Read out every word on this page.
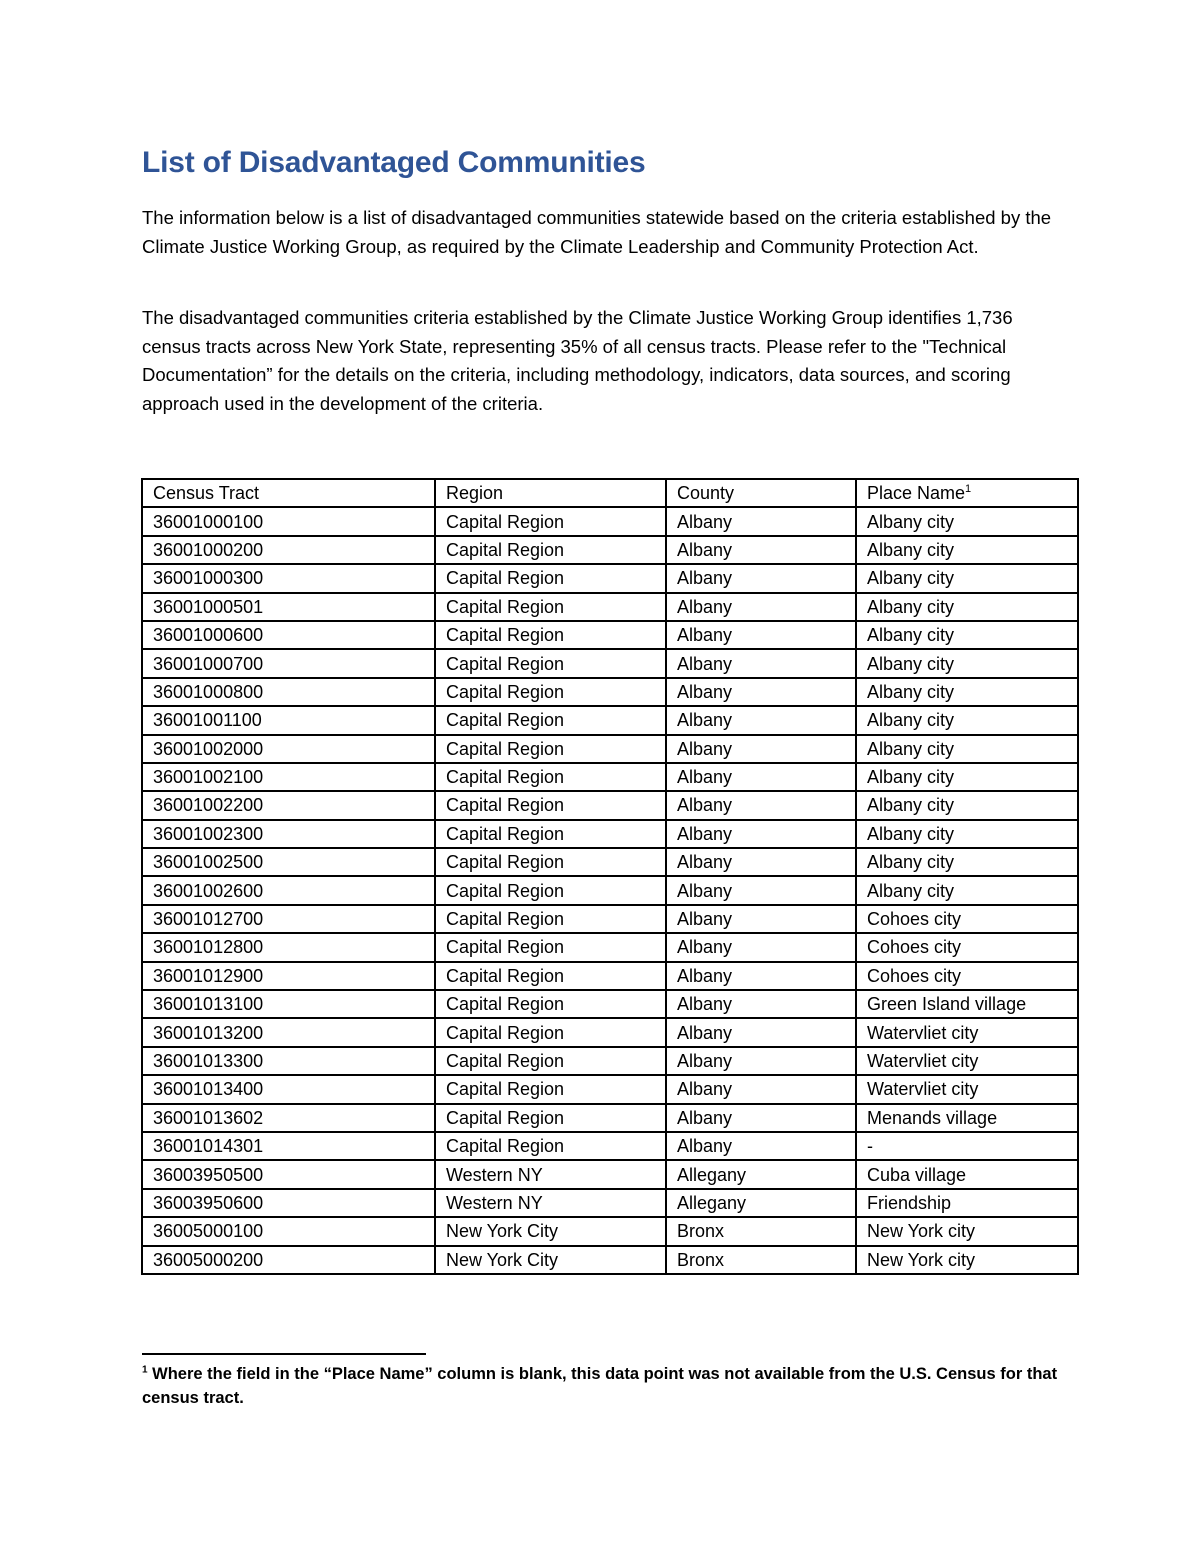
List of Disadvantaged Communities

The information below is a list of disadvantaged communities statewide based on the criteria established by the Climate Justice Working Group, as required by the Climate Leadership and Community Protection Act.

The disadvantaged communities criteria established by the Climate Justice Working Group identifies 1,736 census tracts across New York State, representing 35% of all census tracts. Please refer to the "Technical Documentation” for the details on the criteria, including methodology, indicators, data sources, and scoring approach used in the development of the criteria.

Census Tract	Region	County	Place Name$^1$
36001000100	Capital Region	Albany	Albany city
36001000200	Capital Region	Albany	Albany city
36001000300	Capital Region	Albany	Albany city
36001000501	Capital Region	Albany	Albany city
36001000600	Capital Region	Albany	Albany city
36001000700	Capital Region	Albany	Albany city
36001000800	Capital Region	Albany	Albany city
36001001100	Capital Region	Albany	Albany city
36001002000	Capital Region	Albany	Albany city
36001002100	Capital Region	Albany	Albany city
36001002200	Capital Region	Albany	Albany city
36001002300	Capital Region	Albany	Albany city
36001002500	Capital Region	Albany	Albany city
36001002600	Capital Region	Albany	Albany city
36001012700	Capital Region	Albany	Cohoes city
36001012800	Capital Region	Albany	Cohoes city
36001012900	Capital Region	Albany	Cohoes city
36001013100	Capital Region	Albany	Green Island village
36001013200	Capital Region	Albany	Watervliet city
36001013300	Capital Region	Albany	Watervliet city
36001013400	Capital Region	Albany	Watervliet city
36001013602	Capital Region	Albany	Menands village
36001014301	Capital Region	Albany	-
36003950500	Western NY	Allegany	Cuba village
36003950600	Western NY	Allegany	Friendship
36005000100	New York City	Bronx	New York city
36005000200	New York City	Bronx	New York city

$^1$ Where the field in the “Place Name” column is blank, this data point was not available from the U.S. Census for that census tract.
